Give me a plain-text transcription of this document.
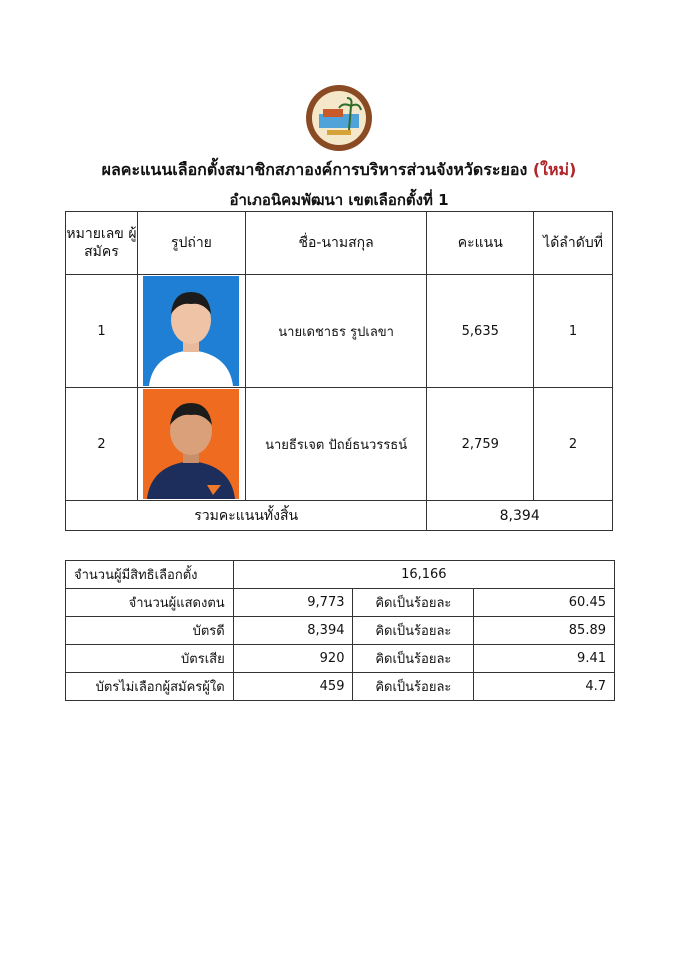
ผลคะแนนเลือกตั้งสมาชิกสภาองค์การบริหารส่วนจังหวัดระยอง (ใหม่)
อำเภอนิคมพัฒนา เขตเลือกตั้งที่ 1
หมายเลข ผู้สมัคร	รูปถ่าย	ชื่อ-นามสกุล	คะแนน	ได้ลำดับที่
1		นายเดชาธร รูปเลขา	5,635	1
2		นายธีรเจต ปัถย์ธนวรรธน์	2,759	2
รวมคะแนนทั้งสิ้น			8,394	
จำนวนผู้มีสิทธิเลือกตั้ง	16,166		
จำนวนผู้แสดงตน	9,773	คิดเป็นร้อยละ	60.45
บัตรดี	8,394	คิดเป็นร้อยละ	85.89
บัตรเสีย	920	คิดเป็นร้อยละ	9.41
บัตรไม่เลือกผู้สมัครผู้ใด	459	คิดเป็นร้อยละ	4.7
